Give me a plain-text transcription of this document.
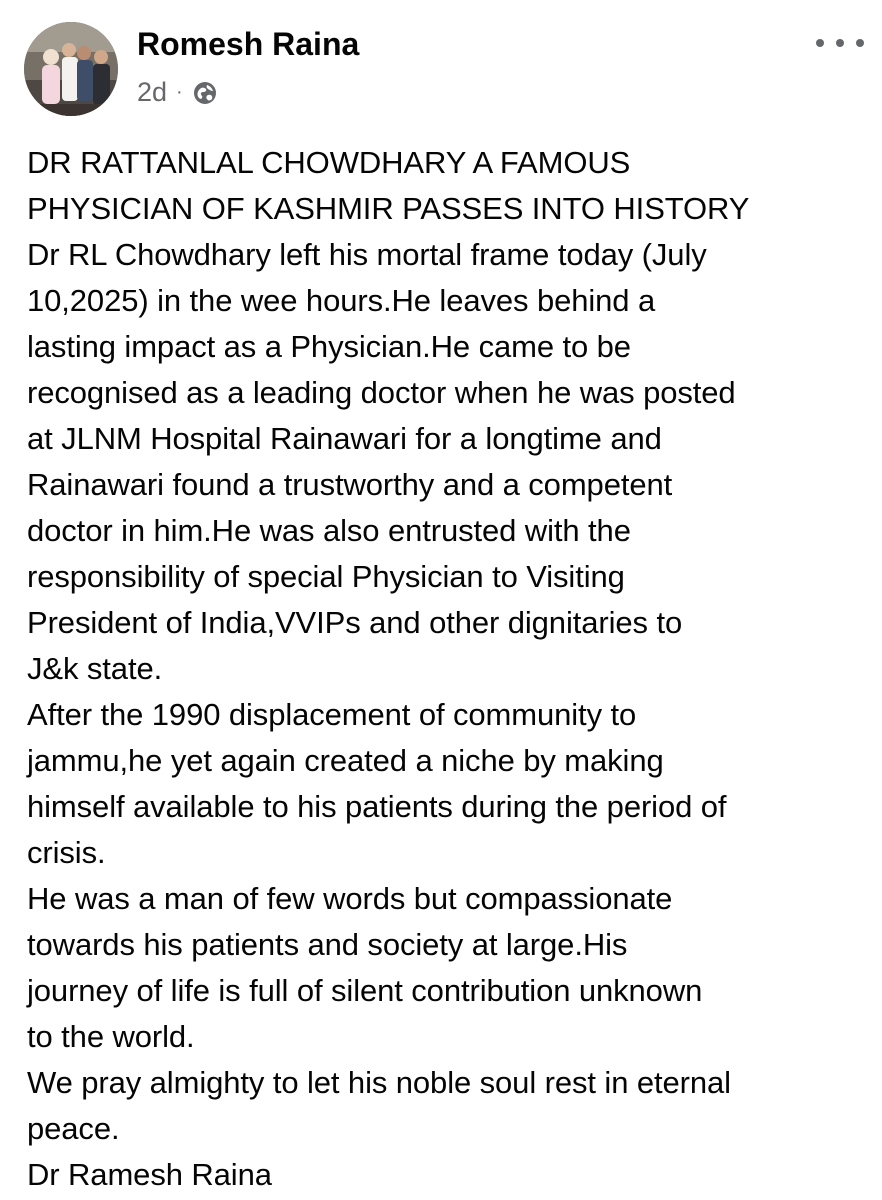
Romesh Raina
2d ·
DR RATTANLAL CHOWDHARY A FAMOUS
PHYSICIAN OF KASHMIR PASSES INTO HISTORY
Dr RL Chowdhary left his mortal frame today (July
10,2025) in the wee hours.He leaves behind a
lasting impact as a Physician.He came to be
recognised as a leading doctor when he was posted
at JLNM Hospital Rainawari for a longtime and
Rainawari found a trustworthy and a competent
doctor in him.He was also entrusted with the
responsibility of special Physician to Visiting
President of India,VVIPs and other dignitaries to
J&k state.
After the 1990 displacement of community to
jammu,he yet again created a niche by making
himself available to his patients during the period of
crisis.
He was a man of few words but compassionate
towards his patients and society at large.His
journey of life is full of silent contribution unknown
to the world.
We pray almighty to let his noble soul rest in eternal
peace.
Dr Ramesh Raina
